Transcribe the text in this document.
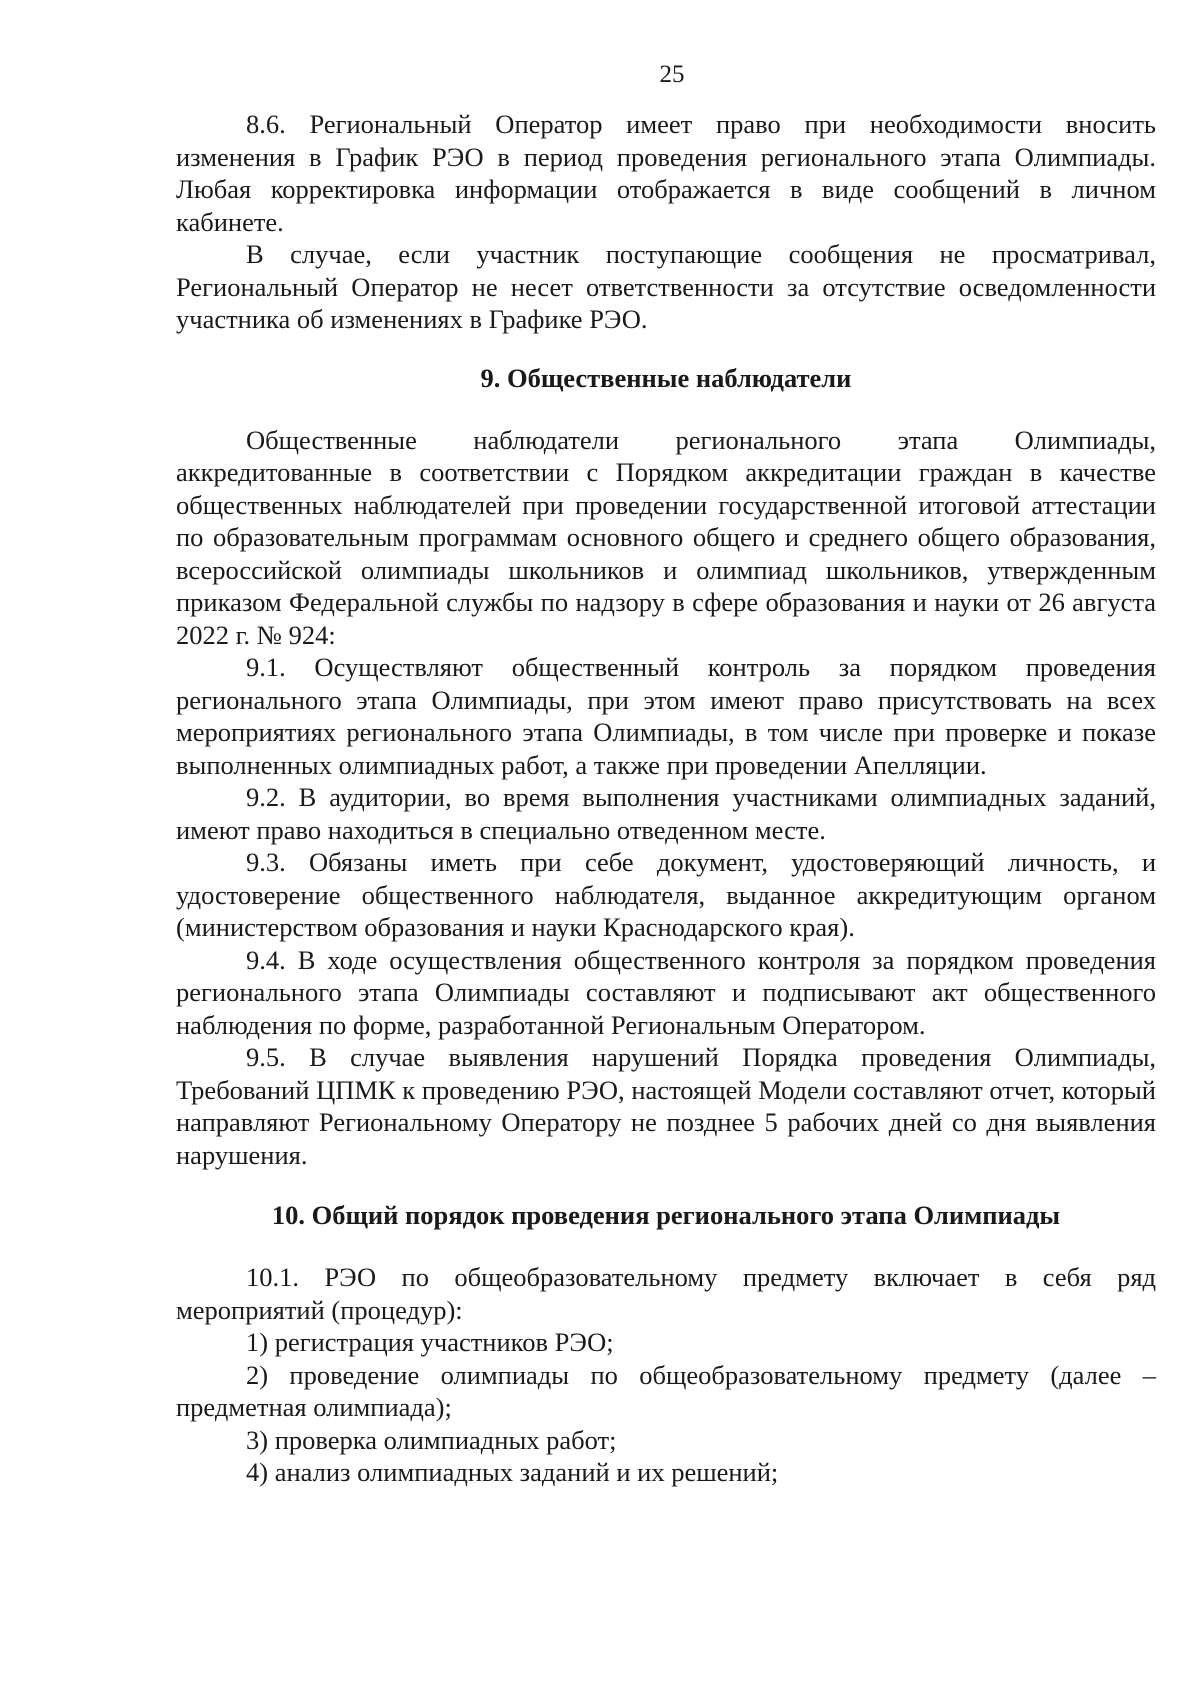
25

8.6. Региональный Оператор имеет право при необходимости вносить изменения в График РЭО в период проведения регионального этапа Олимпиады. Любая корректировка информации отображается в виде сообщений в личном кабинете.

В случае, если участник поступающие сообщения не просматривал, Региональный Оператор не несет ответственности за отсутствие осведомленности участника об изменениях в Графике РЭО.

9. Общественные наблюдатели

Общественные наблюдатели регионального этапа Олимпиады, аккредитованные в соответствии с Порядком аккредитации граждан в качестве общественных наблюдателей при проведении государственной итоговой аттестации по образовательным программам основного общего и среднего общего образования, всероссийской олимпиады школьников и олимпиад школьников, утвержденным приказом Федеральной службы по надзору в сфере образования и науки от 26 августа 2022 г. № 924:

9.1. Осуществляют общественный контроль за порядком проведения регионального этапа Олимпиады, при этом имеют право присутствовать на всех мероприятиях регионального этапа Олимпиады, в том числе при проверке и показе выполненных олимпиадных работ, а также при проведении Апелляции.

9.2. В аудитории, во время выполнения участниками олимпиадных заданий, имеют право находиться в специально отведенном месте.

9.3. Обязаны иметь при себе документ, удостоверяющий личность, и удостоверение общественного наблюдателя, выданное аккредитующим органом (министерством образования и науки Краснодарского края).

9.4. В ходе осуществления общественного контроля за порядком проведения регионального этапа Олимпиады составляют и подписывают акт общественного наблюдения по форме, разработанной Региональным Оператором.

9.5. В случае выявления нарушений Порядка проведения Олимпиады, Требований ЦПМК к проведению РЭО, настоящей Модели составляют отчет, который направляют Региональному Оператору не позднее 5 рабочих дней со дня выявления нарушения.

10. Общий порядок проведения регионального этапа Олимпиады

10.1. РЭО по общеобразовательному предмету включает в себя ряд мероприятий (процедур):

1) регистрация участников РЭО;

2) проведение олимпиады по общеобразовательному предмету (далее – предметная олимпиада);

3) проверка олимпиадных работ;

4) анализ олимпиадных заданий и их решений;
